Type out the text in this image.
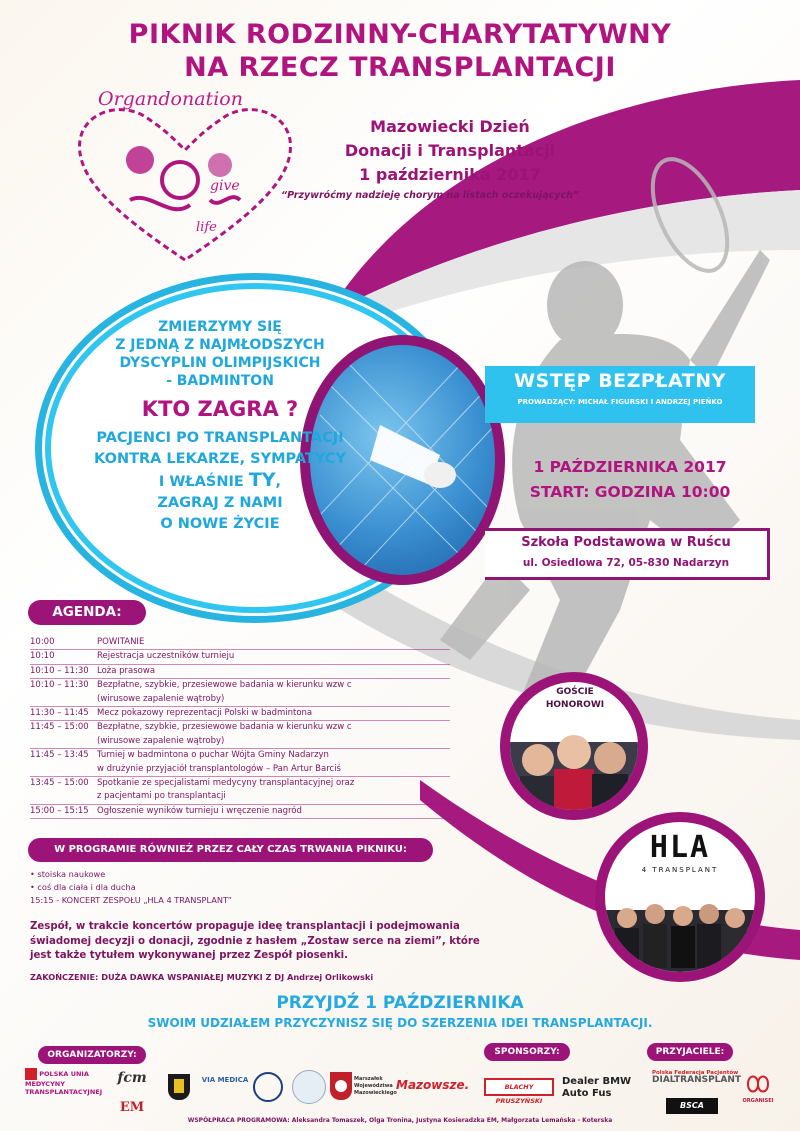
PIKNIK RODZINNY-CHARYTATYWNY
NA RZECZ TRANSPLANTACJI
Organdonation
give
life
Mazowiecki Dzień
Donacji i Transplantacji
1 października 2017
“Przywróćmy nadzieję chorym na listach oczekujących”
ZMIERZYMY SIĘ
Z JEDNĄ Z NAJMŁODSZYCH
DYSCYPLIN OLIMPIJSKICH
- BADMINTON
KTO ZAGRA ?
PACJENCI PO TRANSPLANTACJI
KONTRA LEKARZE, SYMPATYCY
I WŁAŚNIE TY,
ZAGRAJ Z NAMI
O NOWE ŻYCIE
WSTĘP BEZPŁATNY
PROWADZĄCY: MICHAŁ FIGURSKI I ANDRZEJ PIEŃKO
1 PAŹDZIERNIKA 2017
START: GODZINA 10:00
Szkoła Podstawowa w Ruścu
ul. Osiedlowa 72, 05-830 Nadarzyn
AGENDA:
10:00	POWITANIE
10:10	Rejestracja uczestników turnieju
10:10 – 11:30 Loża prasowa
10:10 – 11:30 Bezpłatne, szybkie, przesiewowe badania w kierunku wzw c
(wirusowe zapalenie wątroby)
11:30 – 11:45 Mecz pokazowy reprezentacji Polski w badmintona
11:45 – 15:00 Bezpłatne, szybkie, przesiewowe badania w kierunku wzw c
(wirusowe zapalenie wątroby)
11:45 – 13:45 Turniej w badmintona o puchar Wójta Gminy Nadarzyn
w drużynie przyjaciół transplantologów – Pan Artur Barciś
13:45 – 15:00 Spotkanie ze specjalistami medycyny transplantacyjnej oraz
z pacjentami po transplantacji
15:00 – 15:15 Ogłoszenie wyników turnieju i wręczenie nagród
GOŚCIE
HONOROWI
HLA
4 TRANSPLANT
W PROGRAMIE RÓWNIEŻ PRZEZ CAŁY CZAS TRWANIA PIKNIKU:
• stoiska naukowe
• coś dla ciała i dla ducha
15:15 - KONCERT ZESPOŁU „HLA 4 TRANSPLANT”
Zespół, w trakcie koncertów propaguje ideę transplantacji i podejmowania świadomej decyzji o donacji, zgodnie z hasłem „Zostaw serce na ziemi”, które jest także tytułem wykonywanej przez Zespół piosenki.
ZAKOŃCZENIE: DUŻA DAWKA WSPANIAŁEJ MUZYKI Z DJ Andrzej Orlikowski
PRZYJDŹ 1 PAŹDZIERNIKA
SWOIM UDZIAŁEM PRZYCZYNISZ SIĘ DO SZERZENIA IDEI TRANSPLANTACJI.
ORGANIZATORZY:	SPONSORZY:	PRZYJACIELE:
POLSKA UNIA MEDYCYNY TRANSPLANTACYJNEJ
fcm
EM
VIA MEDICA	Marszałek Województwa Mazowieckiego
Mazowsze.	BLACHY PRUSZYŃSKI
Dealer BMW
Auto Fus
Polska Federacja Pacjentów
DIALTRANSPLANT
BSCA	ORGANISEI
WSPÓŁPRACA PROGRAMOWA: Aleksandra Tomaszek, Olga Tronina, Justyna Kosieradzka EM, Małgorzata Lemańska - Koterska
